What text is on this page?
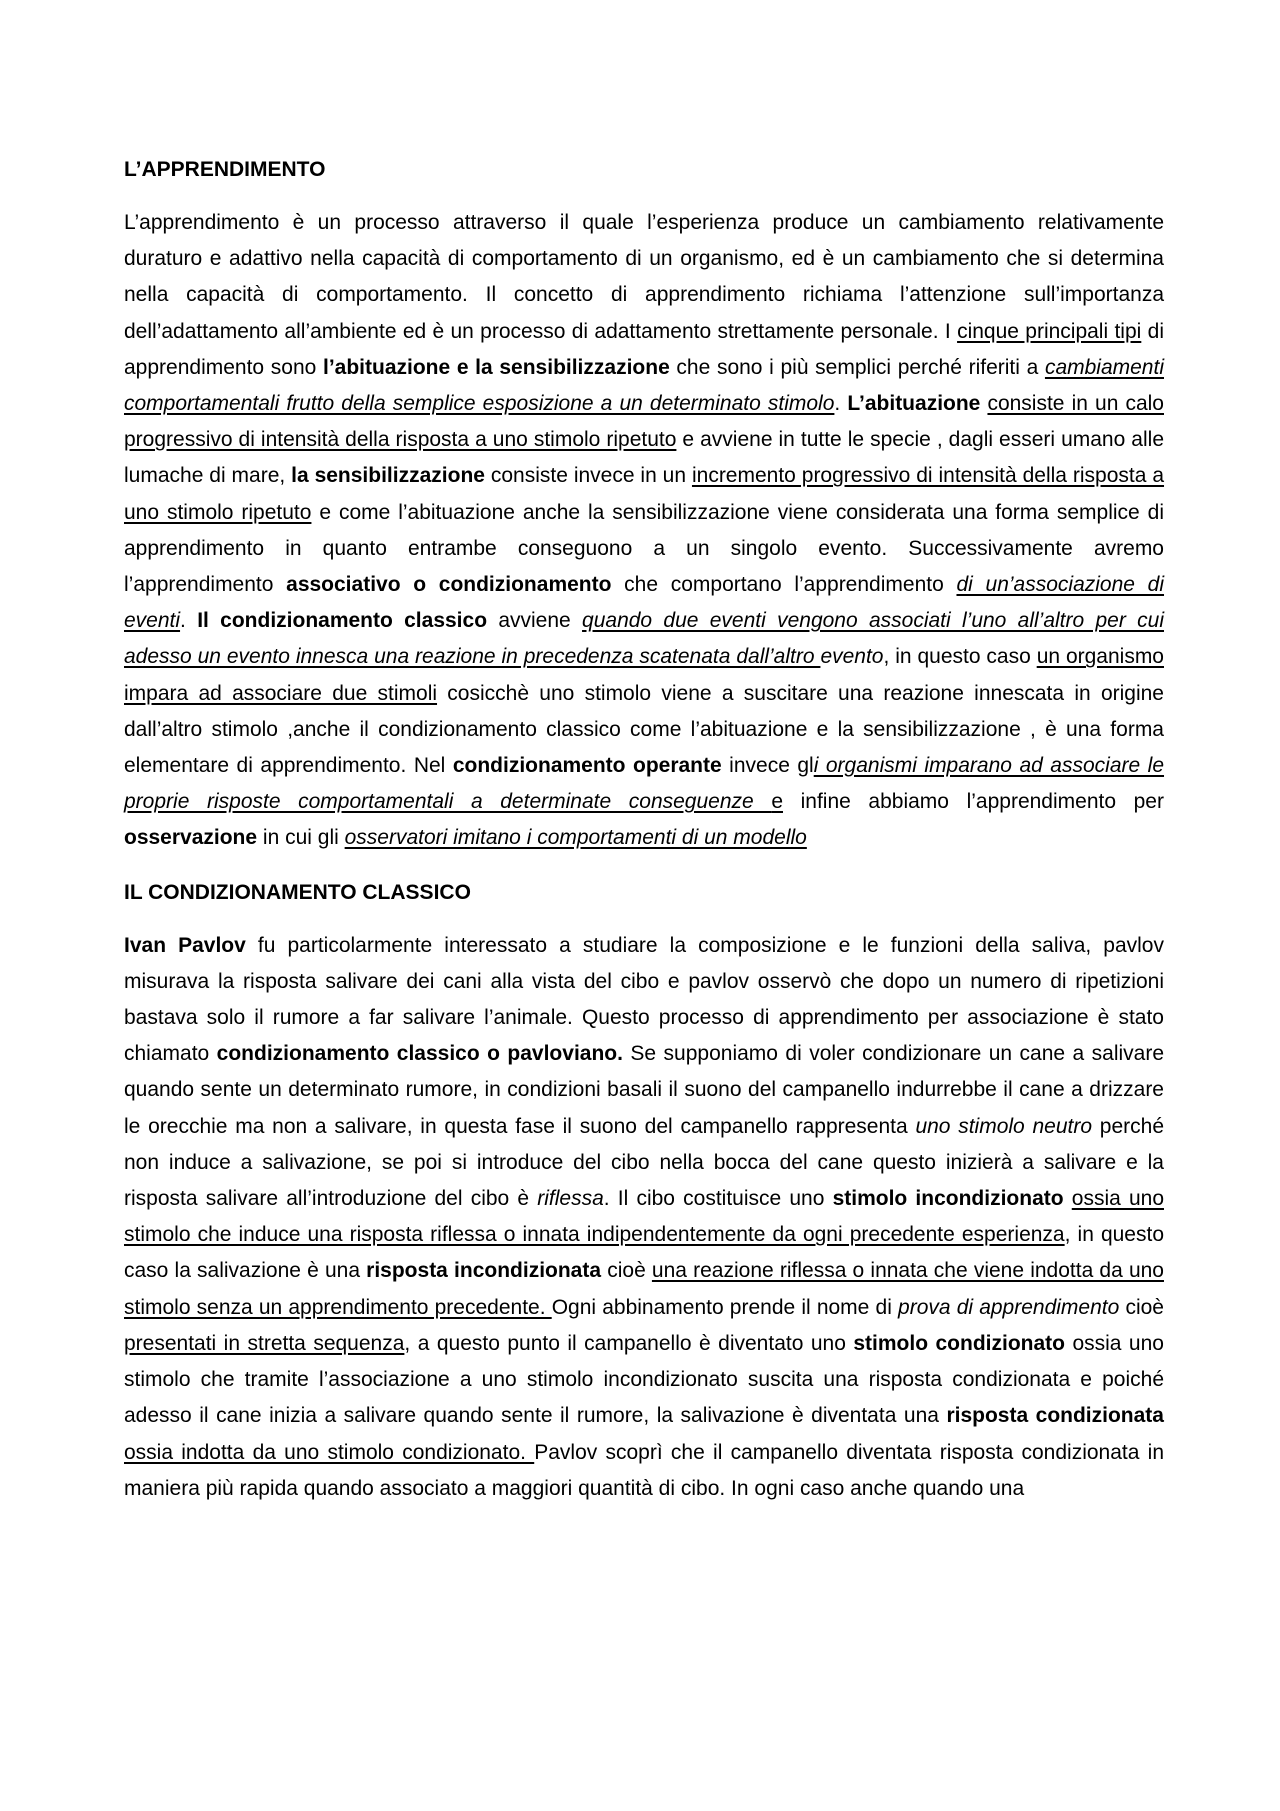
L’APPRENDIMENTO

L’apprendimento è un processo attraverso il quale l’esperienza produce un cambiamento relativamente duraturo e adattivo nella capacità di comportamento di un organismo, ed è un cambiamento che si determina nella capacità di comportamento. Il concetto di apprendimento richiama l’attenzione sull’importanza dell’adattamento all’ambiente ed è un processo di adattamento strettamente personale. I cinque principali tipi di apprendimento sono l’abituazione e la sensibilizzazione che sono i più semplici perché riferiti a cambiamenti comportamentali frutto della semplice esposizione a un determinato stimolo. L’abituazione consiste in un calo progressivo di intensità della risposta a uno stimolo ripetuto e avviene in tutte le specie , dagli esseri umano alle lumache di mare, la sensibilizzazione consiste invece in un incremento progressivo di intensità della risposta a uno stimolo ripetuto e come l’abituazione anche la sensibilizzazione viene considerata una forma semplice di apprendimento in quanto entrambe conseguono a un singolo evento. Successivamente avremo l’apprendimento associativo o condizionamento che comportano l’apprendimento di un’associazione di eventi. Il condizionamento classico avviene quando due eventi vengono associati l’uno all’altro per cui adesso un evento innesca una reazione in precedenza scatenata dall’altro evento, in questo caso un organismo impara ad associare due stimoli cosicchè uno stimolo viene a suscitare una reazione innescata in origine dall’altro stimolo ,anche il condizionamento classico come l’abituazione e la sensibilizzazione , è una forma elementare di apprendimento. Nel condizionamento operante invece gli organismi imparano ad associare le proprie risposte comportamentali a determinate conseguenze e infine abbiamo l’apprendimento per osservazione in cui gli osservatori imitano i comportamenti di un modello

IL CONDIZIONAMENTO CLASSICO

Ivan Pavlov fu particolarmente interessato a studiare la composizione e le funzioni della saliva, pavlov misurava la risposta salivare dei cani alla vista del cibo e pavlov osservò che dopo un numero di ripetizioni bastava solo il rumore a far salivare l’animale. Questo processo di apprendimento per associazione è stato chiamato condizionamento classico o pavloviano. Se supponiamo di voler condizionare un cane a salivare quando sente un determinato rumore, in condizioni basali il suono del campanello indurrebbe il cane a drizzare le orecchie ma non a salivare, in questa fase il suono del campanello rappresenta uno stimolo neutro perché non induce a salivazione, se poi si introduce del cibo nella bocca del cane questo inizierà a salivare e la risposta salivare all’introduzione del cibo è riflessa. Il cibo costituisce uno stimolo incondizionato ossia uno stimolo che induce una risposta riflessa o innata indipendentemente da ogni precedente esperienza, in questo caso la salivazione è una risposta incondizionata cioè una reazione riflessa o innata che viene indotta da uno stimolo senza un apprendimento precedente. Ogni abbinamento prende il nome di prova di apprendimento cioè presentati in stretta sequenza, a questo punto il campanello è diventato uno stimolo condizionato ossia uno stimolo che tramite l’associazione a uno stimolo incondizionato suscita una risposta condizionata e poiché adesso il cane inizia a salivare quando sente il rumore, la salivazione è diventata una risposta condizionata ossia indotta da uno stimolo condizionato. Pavlov scoprì che il campanello diventata risposta condizionata in maniera più rapida quando associato a maggiori quantità di cibo. In ogni caso anche quando una
